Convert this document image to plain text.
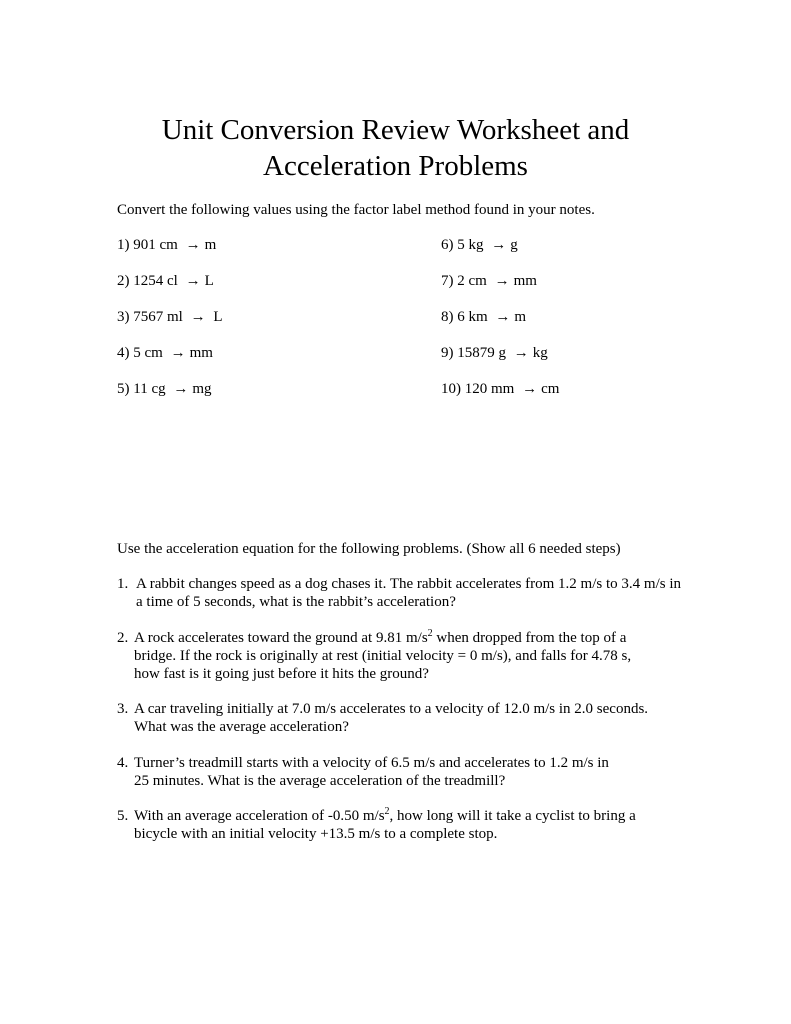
Unit Conversion Review Worksheet and
Acceleration Problems
Convert the following values using the factor label method found in your notes.
1) 901 cm → m
2) 1254 cl → L
3) 7567 ml → L
4) 5 cm → mm
5) 11 cg → mg
6) 5 kg → g
7) 2 cm → mm
8) 6 km → m
9) 15879 g → kg
10) 120 mm → cm
Use the acceleration equation for the following problems. (Show all 6 needed steps)
1. A rabbit changes speed as a dog chases it. The rabbit accelerates from 1.2 m/s to 3.4 m/s in
a time of 5 seconds, what is the rabbit’s acceleration?
2. A rock accelerates toward the ground at 9.81 $m/s^2$ when dropped from the top of a
bridge. If the rock is originally at rest (initial velocity = 0 m/s), and falls for 4.78 s,
how fast is it going just before it hits the ground?
3. A car traveling initially at 7.0 m/s accelerates to a velocity of 12.0 m/s in 2.0 seconds.
What was the average acceleration?
4. Turner’s treadmill starts with a velocity of 6.5 m/s and accelerates to 1.2 m/s in
25 minutes. What is the average acceleration of the treadmill?
5. With an average acceleration of -0.50 $m/s^2$, how long will it take a cyclist to bring a
bicycle with an initial velocity +13.5 m/s to a complete stop.
